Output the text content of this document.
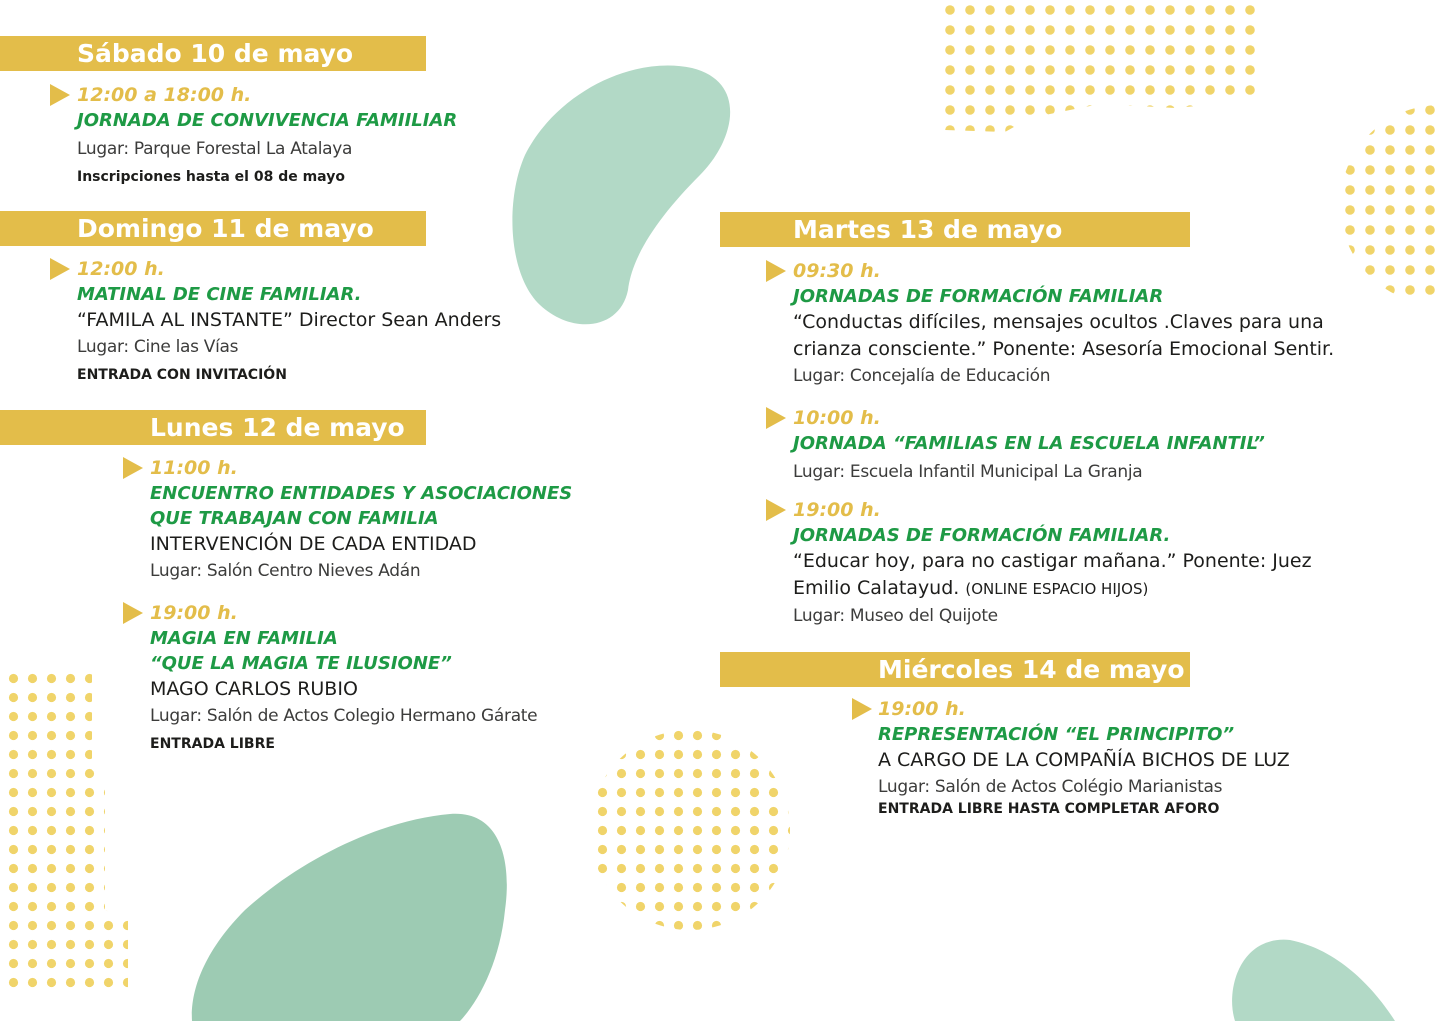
Sábado 10 de mayo
12:00 a 18:00 h.
JORNADA DE CONVIVENCIA FAMIILIAR
Lugar: Parque Forestal La Atalaya
Inscripciones hasta el 08 de mayo
Domingo 11 de mayo
12:00 h.
MATINAL DE CINE FAMILIAR.
“FAMILA AL INSTANTE” Director Sean Anders
Lugar: Cine las Vías
ENTRADA CON INVITACIÓN
Lunes 12 de mayo
11:00 h.
ENCUENTRO ENTIDADES Y ASOCIACIONES
QUE TRABAJAN CON FAMILIA
INTERVENCIÓN DE CADA ENTIDAD
Lugar: Salón Centro Nieves Adán
19:00 h.
MAGIA EN FAMILIA
“QUE LA MAGIA TE ILUSIONE”
MAGO CARLOS RUBIO
Lugar: Salón de Actos Colegio Hermano Gárate
ENTRADA LIBRE
Martes 13 de mayo
09:30 h.
JORNADAS DE FORMACIÓN FAMILIAR
“Conductas difíciles, mensajes ocultos .Claves para una
crianza consciente.” Ponente: Asesoría Emocional Sentir.
Lugar: Concejalía de Educación
10:00 h.
JORNADA “FAMILIAS EN LA ESCUELA INFANTIL”
Lugar: Escuela Infantil Municipal La Granja
19:00 h.
JORNADAS DE FORMACIÓN FAMILIAR.
“Educar hoy, para no castigar mañana.” Ponente: Juez
Emilio Calatayud. (ONLINE ESPACIO HIJOS)
Lugar: Museo del Quijote
Miércoles 14 de mayo
19:00 h.
REPRESENTACIÓN “EL PRINCIPITO”
A CARGO DE LA COMPAÑÍA BICHOS DE LUZ
Lugar: Salón de Actos Colégio Marianistas
ENTRADA LIBRE HASTA COMPLETAR AFORO
